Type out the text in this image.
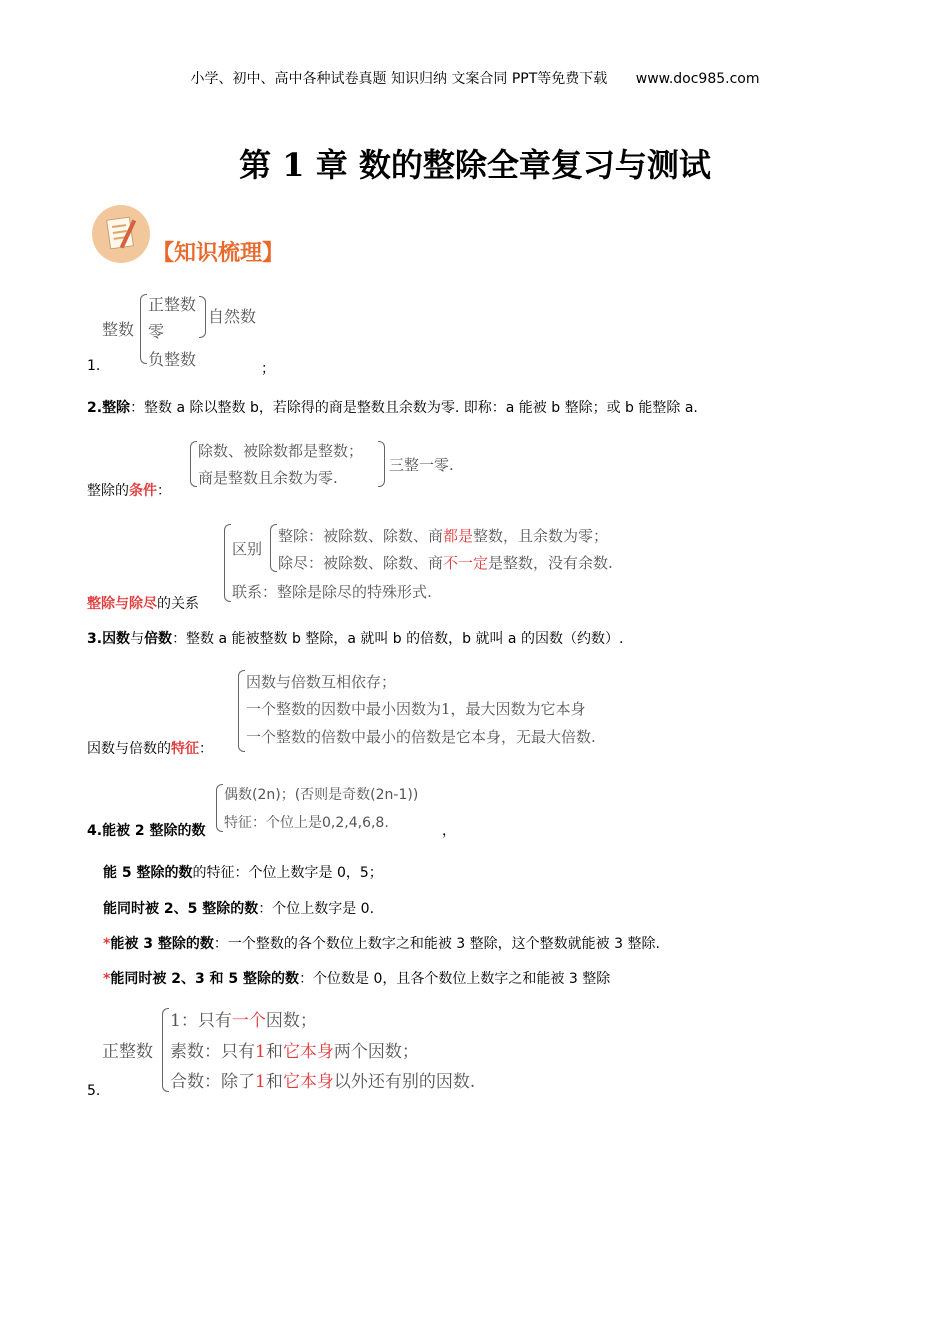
小学、初中、高中各种试卷真题 知识归纳 文案合同 PPT等免费下载 www.doc985.com
第 1 章 数的整除全章复习与测试
【知识梳理】
整数
正整数
零
负整数
自然数
1.	；
2.整除：整数 a 除以整数 b，若除得的商是整数且余数为零. 即称：a 能被 b 整除；或 b 能整除 a.
除数、被除数都是整数；
商是整数且余数为零.
三整一零.
整除的条件：
区别
整除：被除数、除数、商都是整数，且余数为零；
除尽：被除数、除数、商不一定是整数，没有余数.
联系：整除是除尽的特殊形式.
整除与除尽的关系
3.因数与倍数：整数 a 能被整数 b 整除，a 就叫 b 的倍数，b 就叫 a 的因数（约数）.
因数与倍数互相依存；
一个整数的因数中最小因数为1，最大因数为它本身
一个整数的倍数中最小的倍数是它本身，无最大倍数.
因数与倍数的特征：
偶数(2n)；(否则是奇数(2n-1))
特征：个位上是0,2,4,6,8.
4.能被 2 整除的数	，
能 5 整除的数的特征：个位上数字是 0，5；
能同时被 2、5 整除的数：个位上数字是 0.
*能被 3 整除的数：一个整数的各个数位上数字之和能被 3 整除，这个整数就能被 3 整除.
*能同时被 2、3 和 5 整除的数：个位数是 0，且各个数位上数字之和能被 3 整除
正整数
1：只有一个因数；
素数：只有1和它本身两个因数；
合数：除了1和它本身以外还有别的因数.
5.
